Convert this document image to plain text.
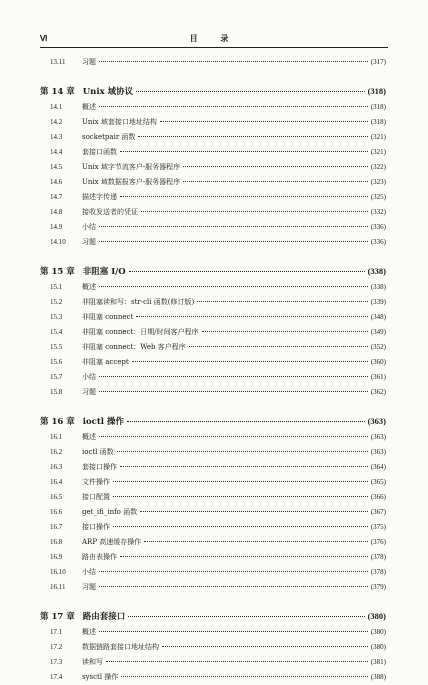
Ⅵ	目 录
13.11	习题	(317)
第 14 章 Unix 域协议	(318)
14.1	概述	(318)
14.2	Unix 域套接口地址结构	(318)
14.3	socketpair 函数	(321)
14.4	套接口函数	(321)
14.5	Unix 域字节流客户-服务器程序	(322)
14.6	Unix 域数据报客户-服务器程序	(323)
14.7	描述字传递	(325)
14.8	接收发送者的凭证	(332)
14.9	小结	(336)
14.10	习题	(336)
第 15 章 非阻塞 I/O	(338)
15.1	概述	(338)
15.2	非阻塞读和写：str-cli 函数(修订版)	(339)
15.3	非阻塞 connect	(348)
15.4	非阻塞 connect：日期/时间客户程序	(349)
15.5	非阻塞 connect：Web 客户程序	(352)
15.6	非阻塞 accept	(360)
15.7	小结	(361)
15.8	习题	(362)
第 16 章 ioctl 操作	(363)
16.1	概述	(363)
16.2	ioctl 函数	(363)
16.3	套接口操作	(364)
16.4	文件操作	(365)
16.5	接口配置	(366)
16.6	get_ifi_info 函数	(367)
16.7	接口操作	(375)
16.8	ARP 高速缓存操作	(376)
16.9	路由表操作	(378)
16.10	小结	(378)
16.11	习题	(379)
第 17 章 路由套接口	(380)
17.1	概述	(380)
17.2	数据链路套接口地址结构	(380)
17.3	读和写	(381)
17.4	sysctl 操作	(388)
